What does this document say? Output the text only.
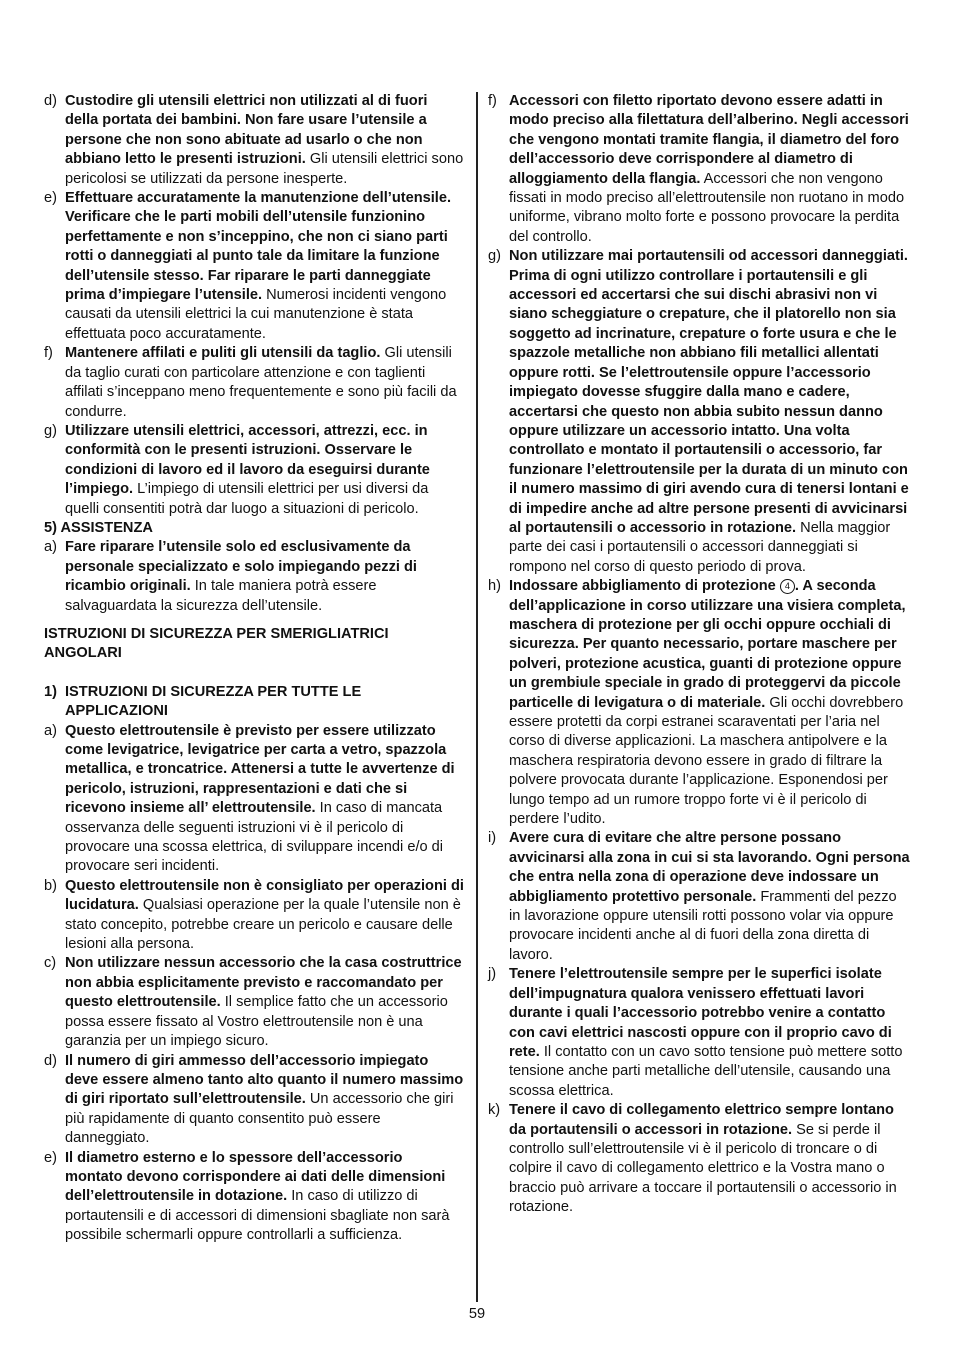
d) Custodire gli utensili elettrici non utilizzati al di fuori della portata dei bambini. Non fare usare l’utensile a persone che non sono abituate ad usarlo o che non abbiano letto le presenti istruzioni. Gli utensili elettrici sono pericolosi se utilizzati da persone inesperte.
e) Effettuare accuratamente la manutenzione dell’utensile. Verificare che le parti mobili dell’utensile funzionino perfettamente e non s’inceppino, che non ci siano parti rotti o danneggiati al punto tale da limitare la funzione dell’utensile stesso. Far riparare le parti danneggiate prima d’impiegare l’utensile. Numerosi incidenti vengono causati da utensili elettrici la cui manutenzione è stata effettuata poco accuratamente.
f) Mantenere affilati e puliti gli utensili da taglio. Gli utensili da taglio curati con particolare attenzione e con taglienti affilati s’inceppano meno frequentemente e sono più facili da condurre.
g) Utilizzare utensili elettrici, accessori, attrezzi, ecc. in conformità con le presenti istruzioni. Osservare le condizioni di lavoro ed il lavoro da eseguirsi durante l’impiego. L’impiego di utensili elettrici per usi diversi da quelli consentiti potrà dar luogo a situazioni di pericolo.
5) ASSISTENZA
a) Fare riparare l’utensile solo ed esclusivamente da personale specializzato e solo impiegando pezzi di ricambio originali. In tale maniera potrà essere salvaguardata la sicurezza dell’utensile.
ISTRUZIONI DI SICUREZZA PER SMERIGLIATRICI ANGOLARI
1) ISTRUZIONI DI SICUREZZA PER TUTTE LE APPLICAZIONI
a) Questo elettroutensile è previsto per essere utilizzato come levigatrice, levigatrice per carta a vetro, spazzola metallica, e troncatrice. Attenersi a tutte le avvertenze di pericolo, istruzioni, rappresentazioni e dati che si ricevono insieme all’ elettroutensile. In caso di mancata osservanza delle seguenti istruzioni vi è il pericolo di provocare una scossa elettrica, di sviluppare incendi e/o di provocare seri incidenti.
b) Questo elettroutensile non è consigliato per operazioni di lucidatura. Qualsiasi operazione per la quale l’utensile non è stato concepito, potrebbe creare un pericolo e causare delle lesioni alla persona.
c) Non utilizzare nessun accessorio che la casa costruttrice non abbia esplicitamente previsto e raccomandato per questo elettroutensile. Il semplice fatto che un accessorio possa essere fissato al Vostro elettroutensile non è una garanzia per un impiego sicuro.
d) Il numero di giri ammesso dell’accessorio impiegato deve essere almeno tanto alto quanto il numero massimo di giri riportato sull’elettroutensile. Un accessorio che giri più rapidamente di quanto consentito può essere danneggiato.
e) Il diametro esterno e lo spessore dell’accessorio montato devono corrispondere ai dati delle dimensioni dell’elettroutensile in dotazione. In caso di utilizzo di portautensili e di accessori di dimensioni sbagliate non sarà possibile schermarli oppure controllarli a sufficienza.
f) Accessori con filetto riportato devono essere adatti in modo preciso alla filettatura dell’alberino. Negli accessori che vengono montati tramite flangia, il diametro del foro dell’accessorio deve corrispondere al diametro di alloggiamento della flangia. Accessori che non vengono fissati in modo preciso all’elettroutensile non ruotano in modo uniforme, vibrano molto forte e possono provocare la perdita del controllo.
g) Non utilizzare mai portautensili od accessori danneggiati. Prima di ogni utilizzo controllare i portautensili e gli accessori ed accertarsi che sui dischi abrasivi non vi siano scheggiature o crepature, che il platorello non sia soggetto ad incrinature, crepature o forte usura e che le spazzole metalliche non abbiano fili metallici allentati oppure rotti. Se l’elettroutensile oppure l’accessorio impiegato dovesse sfuggire dalla mano e cadere, accertarsi che questo non abbia subito nessun danno oppure utilizzare un accessorio intatto. Una volta controllato e montato il portautensili o accessorio, far funzionare l’elettroutensile per la durata di un minuto con il numero massimo di giri avendo cura di tenersi lontani e di impedire anche ad altre persone presenti di avvicinarsi al portautensili o accessorio in rotazione. Nella maggior parte dei casi i portautensili o accessori danneggiati si rompono nel corso di questo periodo di prova.
h) Indossare abbigliamento di protezione 4 . A seconda dell’applicazione in corso utilizzare una visiera completa, maschera di protezione per gli occhi oppure occhiali di sicurezza. Per quanto necessario, portare maschere per polveri, protezione acustica, guanti di protezione oppure un grembiule speciale in grado di proteggervi da piccole particelle di levigatura o di materiale. Gli occhi dovrebbero essere protetti da corpi estranei scaraventati per l’aria nel corso di diverse applicazioni. La maschera antipolvere e la maschera respiratoria devono essere in grado di filtrare la polvere provocata durante l’applicazione. Esponendosi per lungo tempo ad un rumore troppo forte vi è il pericolo di perdere l’udito.
i) Avere cura di evitare che altre persone possano avvicinarsi alla zona in cui si sta lavorando. Ogni persona che entra nella zona di operazione deve indossare un abbigliamento protettivo personale. Frammenti del pezzo in lavorazione oppure utensili rotti possono volar via oppure provocare incidenti anche al di fuori della zona diretta di lavoro.
j) Tenere l’elettroutensile sempre per le superfici isolate dell’impugnatura qualora venissero effettuati lavori durante i quali l’accessorio potrebbo venire a contatto con cavi elettrici nascosti oppure con il proprio cavo di rete. Il contatto con un cavo sotto tensione può mettere sotto tensione anche parti metalliche dell’utensile, causando una scossa elettrica.
k) Tenere il cavo di collegamento elettrico sempre lontano da portautensili o accessori in rotazione. Se si perde il controllo sull’elettroutensile vi è il pericolo di troncare o di colpire il cavo di collegamento elettrico e la Vostra mano o braccio può arrivare a toccare il portautensili o accessorio in rotazione.
59
